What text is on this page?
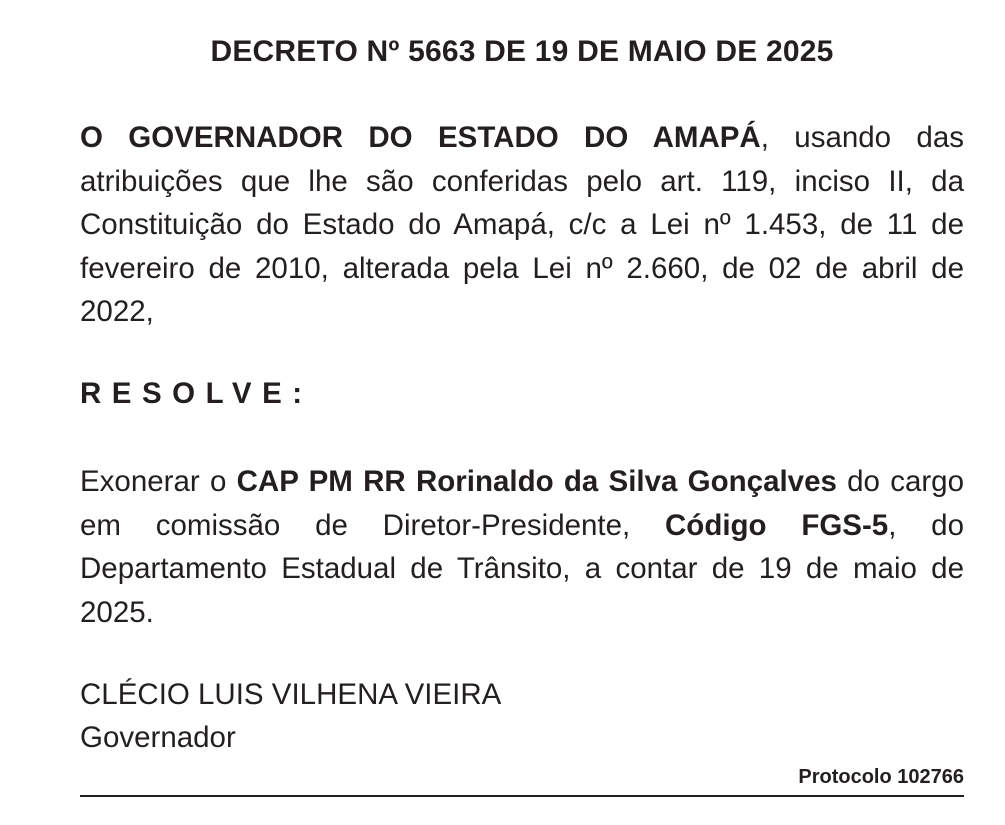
DECRETO Nº 5663 DE 19 DE MAIO DE 2025
O GOVERNADOR DO ESTADO DO AMAPÁ, usando das atribuições que lhe são conferidas pelo art. 119, inciso II, da Constituição do Estado do Amapá, c/c a Lei nº 1.453, de 11 de fevereiro de 2010, alterada pela Lei nº 2.660, de 02 de abril de 2022,
RESOLVE:
Exonerar o CAP PM RR Rorinaldo da Silva Gonçalves do cargo em comissão de Diretor-Presidente, Código FGS-5, do Departamento Estadual de Trânsito, a contar de 19 de maio de 2025.
CLÉCIO LUIS VILHENA VIEIRA
Governador
Protocolo 102766
